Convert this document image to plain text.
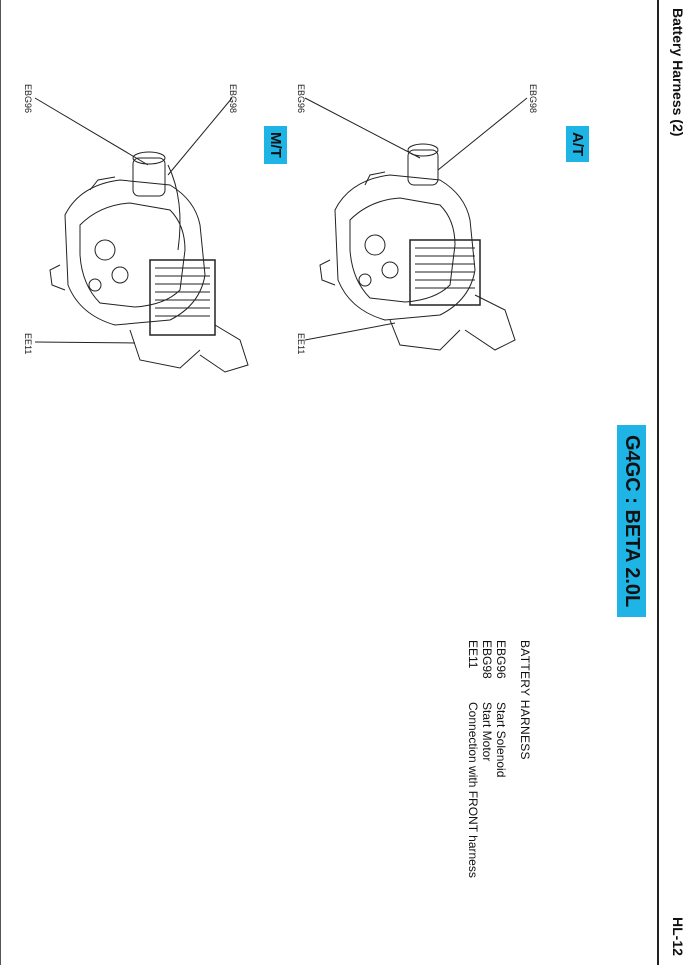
Battery Harness (2)
HL-12
G4GC : BETA 2.0L
A/T
M/T
BATTERY HARNESS
EBG96Start Solenoid
EBG98Start Motor
EE11Connection with FRONT harness
EBG98
EBG96
EE11
EBG98
EBG96
EE11
